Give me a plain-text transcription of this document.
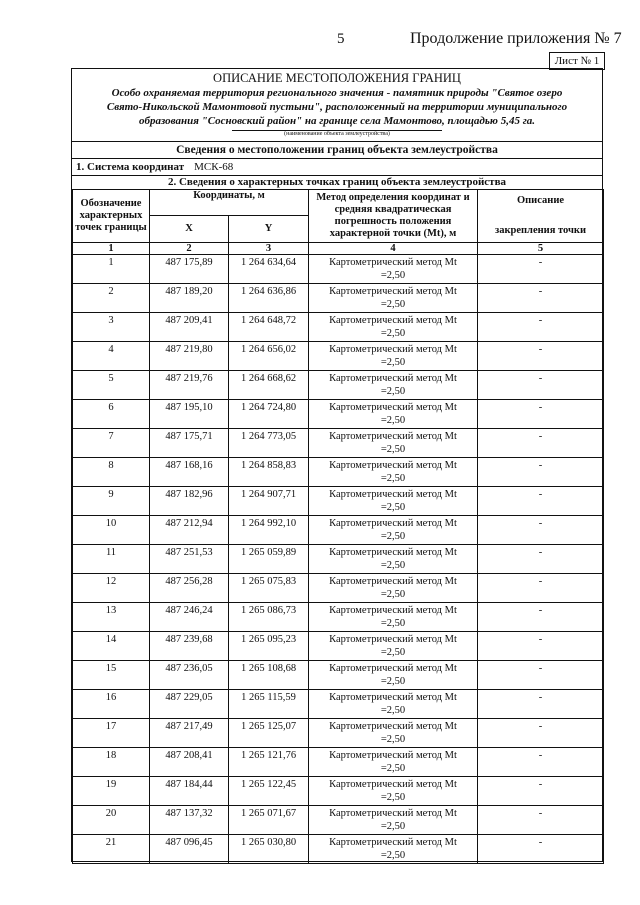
5	Продолжение приложения № 7
Лист № 1
ОПИСАНИЕ МЕСТОПОЛОЖЕНИЯ ГРАНИЦ
Особо охраняемая территория регионального значения - памятник природы "Святое озеро
Свято-Никольской Мамонтовой пустыни", расположенный на территории муниципального
образования "Сосновский район" на границе села Мамонтово, площадью 5,45 га.
(наименование объекта землеустройства)
Сведения о местоположении границ объекта землеустройства
1. Система координат МСК-68
2. Сведения о характерных точках границ объекта землеустройства
Обозначение характерных точек границы	Координаты, м		Метод определения координат и средняя квадратическая погрешность положения характерной точки (Mt), м	Описание
закрепления точки

	X	Y		
1	2	3	4	5
1	487 175,89	1 264 634,64	Картометрический метод Mt
=2,50	-
2	487 189,20	1 264 636,86	Картометрический метод Mt
=2,50	-
3	487 209,41	1 264 648,72	Картометрический метод Mt
=2,50	-
4	487 219,80	1 264 656,02	Картометрический метод Mt
=2,50	-
5	487 219,76	1 264 668,62	Картометрический метод Mt
=2,50	-
6	487 195,10	1 264 724,80	Картометрический метод Mt
=2,50	-
7	487 175,71	1 264 773,05	Картометрический метод Mt
=2,50	-
8	487 168,16	1 264 858,83	Картометрический метод Mt
=2,50	-
9	487 182,96	1 264 907,71	Картометрический метод Mt
=2,50	-
10	487 212,94	1 264 992,10	Картометрический метод Mt
=2,50	-
11	487 251,53	1 265 059,89	Картометрический метод Mt
=2,50	-
12	487 256,28	1 265 075,83	Картометрический метод Mt
=2,50	-
13	487 246,24	1 265 086,73	Картометрический метод Mt
=2,50	-
14	487 239,68	1 265 095,23	Картометрический метод Mt
=2,50	-
15	487 236,05	1 265 108,68	Картометрический метод Mt
=2,50	-
16	487 229,05	1 265 115,59	Картометрический метод Mt
=2,50	-
17	487 217,49	1 265 125,07	Картометрический метод Mt
=2,50	-
18	487 208,41	1 265 121,76	Картометрический метод Mt
=2,50	-
19	487 184,44	1 265 122,45	Картометрический метод Mt
=2,50	-
20	487 137,32	1 265 071,67	Картометрический метод Mt
=2,50	-
21	487 096,45	1 265 030,80	Картометрический метод Mt
=2,50	-
